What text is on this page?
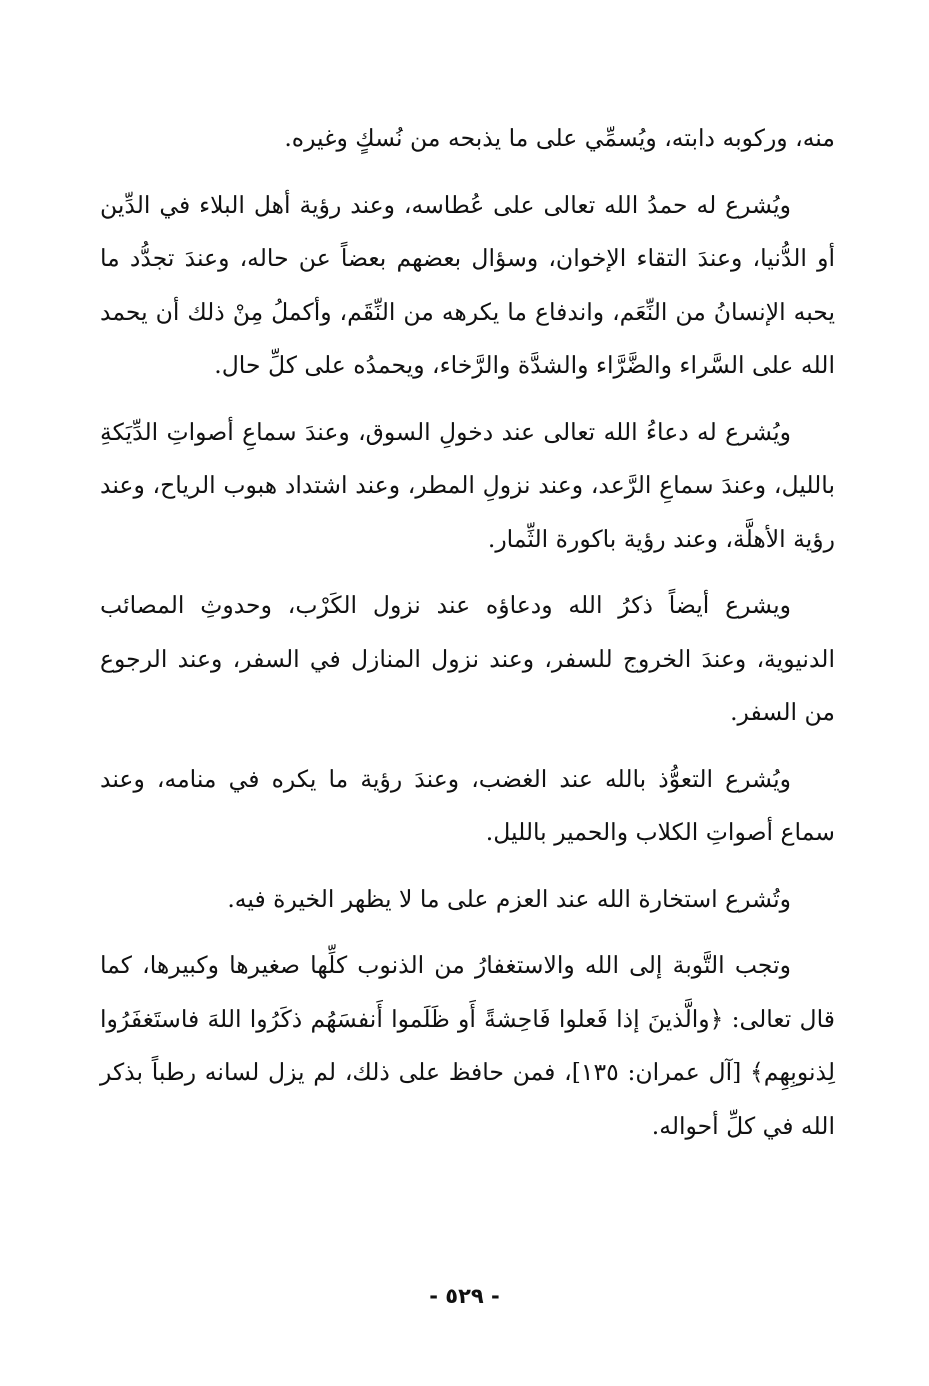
منه، وركوبه دابته، ويُسمِّي على ما يذبحه من نُسكٍ وغيره.

ويُشرع له حمدُ الله تعالى على عُطاسه، وعند رؤية أهل البلاء في الدِّين أو الدُّنيا، وعندَ التقاء الإخوان، وسؤال بعضهم بعضاً عن حاله، وعندَ تجدُّد ما يحبه الإنسانُ من النِّعَم، واندفاع ما يكرهه من النِّقَم، وأكملُ مِنْ ذلك أن يحمد الله على السَّراء والضَّرَّاء والشدَّة والرَّخاء، ويحمدُه على كلِّ حال.

ويُشرع له دعاءُ الله تعالى عند دخولِ السوق، وعندَ سماعِ أصواتِ الدِّيَكةِ بالليل، وعندَ سماعِ الرَّعد، وعند نزولِ المطر، وعند اشتداد هبوب الرياح، وعند رؤية الأهلَّة، وعند رؤية باكورة الثِّمار.

ويشرع أيضاً ذكرُ الله ودعاؤه عند نزول الكَرْب، وحدوثِ المصائب الدنيوية، وعندَ الخروج للسفر، وعند نزول المنازل في السفر، وعند الرجوع من السفر.

ويُشرع التعوُّذ بالله عند الغضب، وعندَ رؤية ما يكره في منامه، وعند سماع أصواتِ الكلاب والحمير بالليل.

وتُشرع استخارة الله عند العزم على ما لا يظهر الخيرة فيه.

وتجب التَّوبة إلى الله والاستغفارُ من الذنوب كلِّها صغيرها وكبيرها، كما قال تعالى: ﴿والَّذينَ إذا فَعلوا فَاحِشةً أَو ظَلَموا أَنفسَهُم ذكَرُوا اللهَ فاستَغفَرُوا لِذنوبِهِم﴾ [آل عمران: ١٣٥]، فمن حافظ على ذلك، لم يزل لسانه رطباً بذكر الله في كلِّ أحواله.

- ٥٢٩ -
